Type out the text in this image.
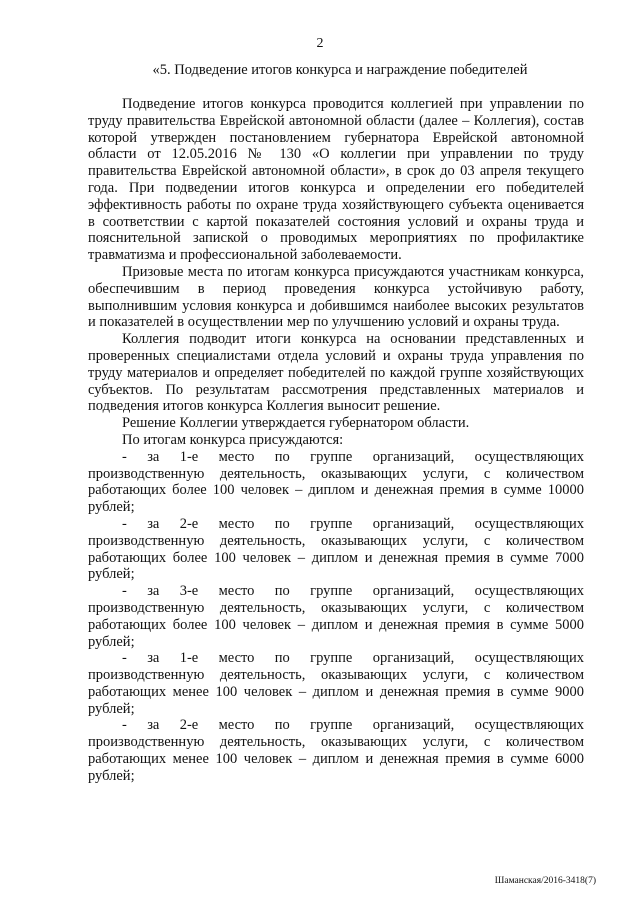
2
«5. Подведение итогов конкурса и награждение победителей

Подведение итогов конкурса проводится коллегией при управлении по труду правительства Еврейской автономной области (далее – Коллегия), состав которой утвержден постановлением губернатора Еврейской автономной области от 12.05.2016 № 130 «О коллегии при управлении по труду правительства Еврейской автономной области», в срок до 03 апреля текущего года. При подведении итогов конкурса и определении его победителей эффективность работы по охране труда хозяйствующего субъекта оценивается в соответствии с картой показателей состояния условий и охраны труда и пояснительной запиской о проводимых мероприятиях по профилактике травматизма и профессиональной заболеваемости.

Призовые места по итогам конкурса присуждаются участникам конкурса, обеспечившим в период проведения конкурса устойчивую работу, выполнившим условия конкурса и добившимся наиболее высоких результатов и показателей в осуществлении мер по улучшению условий и охраны труда.

Коллегия подводит итоги конкурса на основании представленных и проверенных специалистами отдела условий и охраны труда управления по труду материалов и определяет победителей по каждой группе хозяйствующих субъектов. По результатам рассмотрения представленных материалов и подведения итогов конкурса Коллегия выносит решение.

Решение Коллегии утверждается губернатором области.

По итогам конкурса присуждаются:

- за 1-е место по группе организаций, осуществляющих производственную деятельность, оказывающих услуги, с количеством работающих более 100 человек – диплом и денежная премия в сумме 10000 рублей;

- за 2-е место по группе организаций, осуществляющих производственную деятельность, оказывающих услуги, с количеством работающих более 100 человек – диплом и денежная премия в сумме 7000 рублей;

- за 3-е место по группе организаций, осуществляющих производственную деятельность, оказывающих услуги, с количеством работающих более 100 человек – диплом и денежная премия в сумме 5000 рублей;

- за 1-е место по группе организаций, осуществляющих производственную деятельность, оказывающих услуги, с количеством работающих менее 100 человек – диплом и денежная премия в сумме 9000 рублей;

- за 2-е место по группе организаций, осуществляющих производственную деятельность, оказывающих услуги, с количеством работающих менее 100 человек – диплом и денежная премия в сумме 6000 рублей;

Шаманская/2016-3418(7)
